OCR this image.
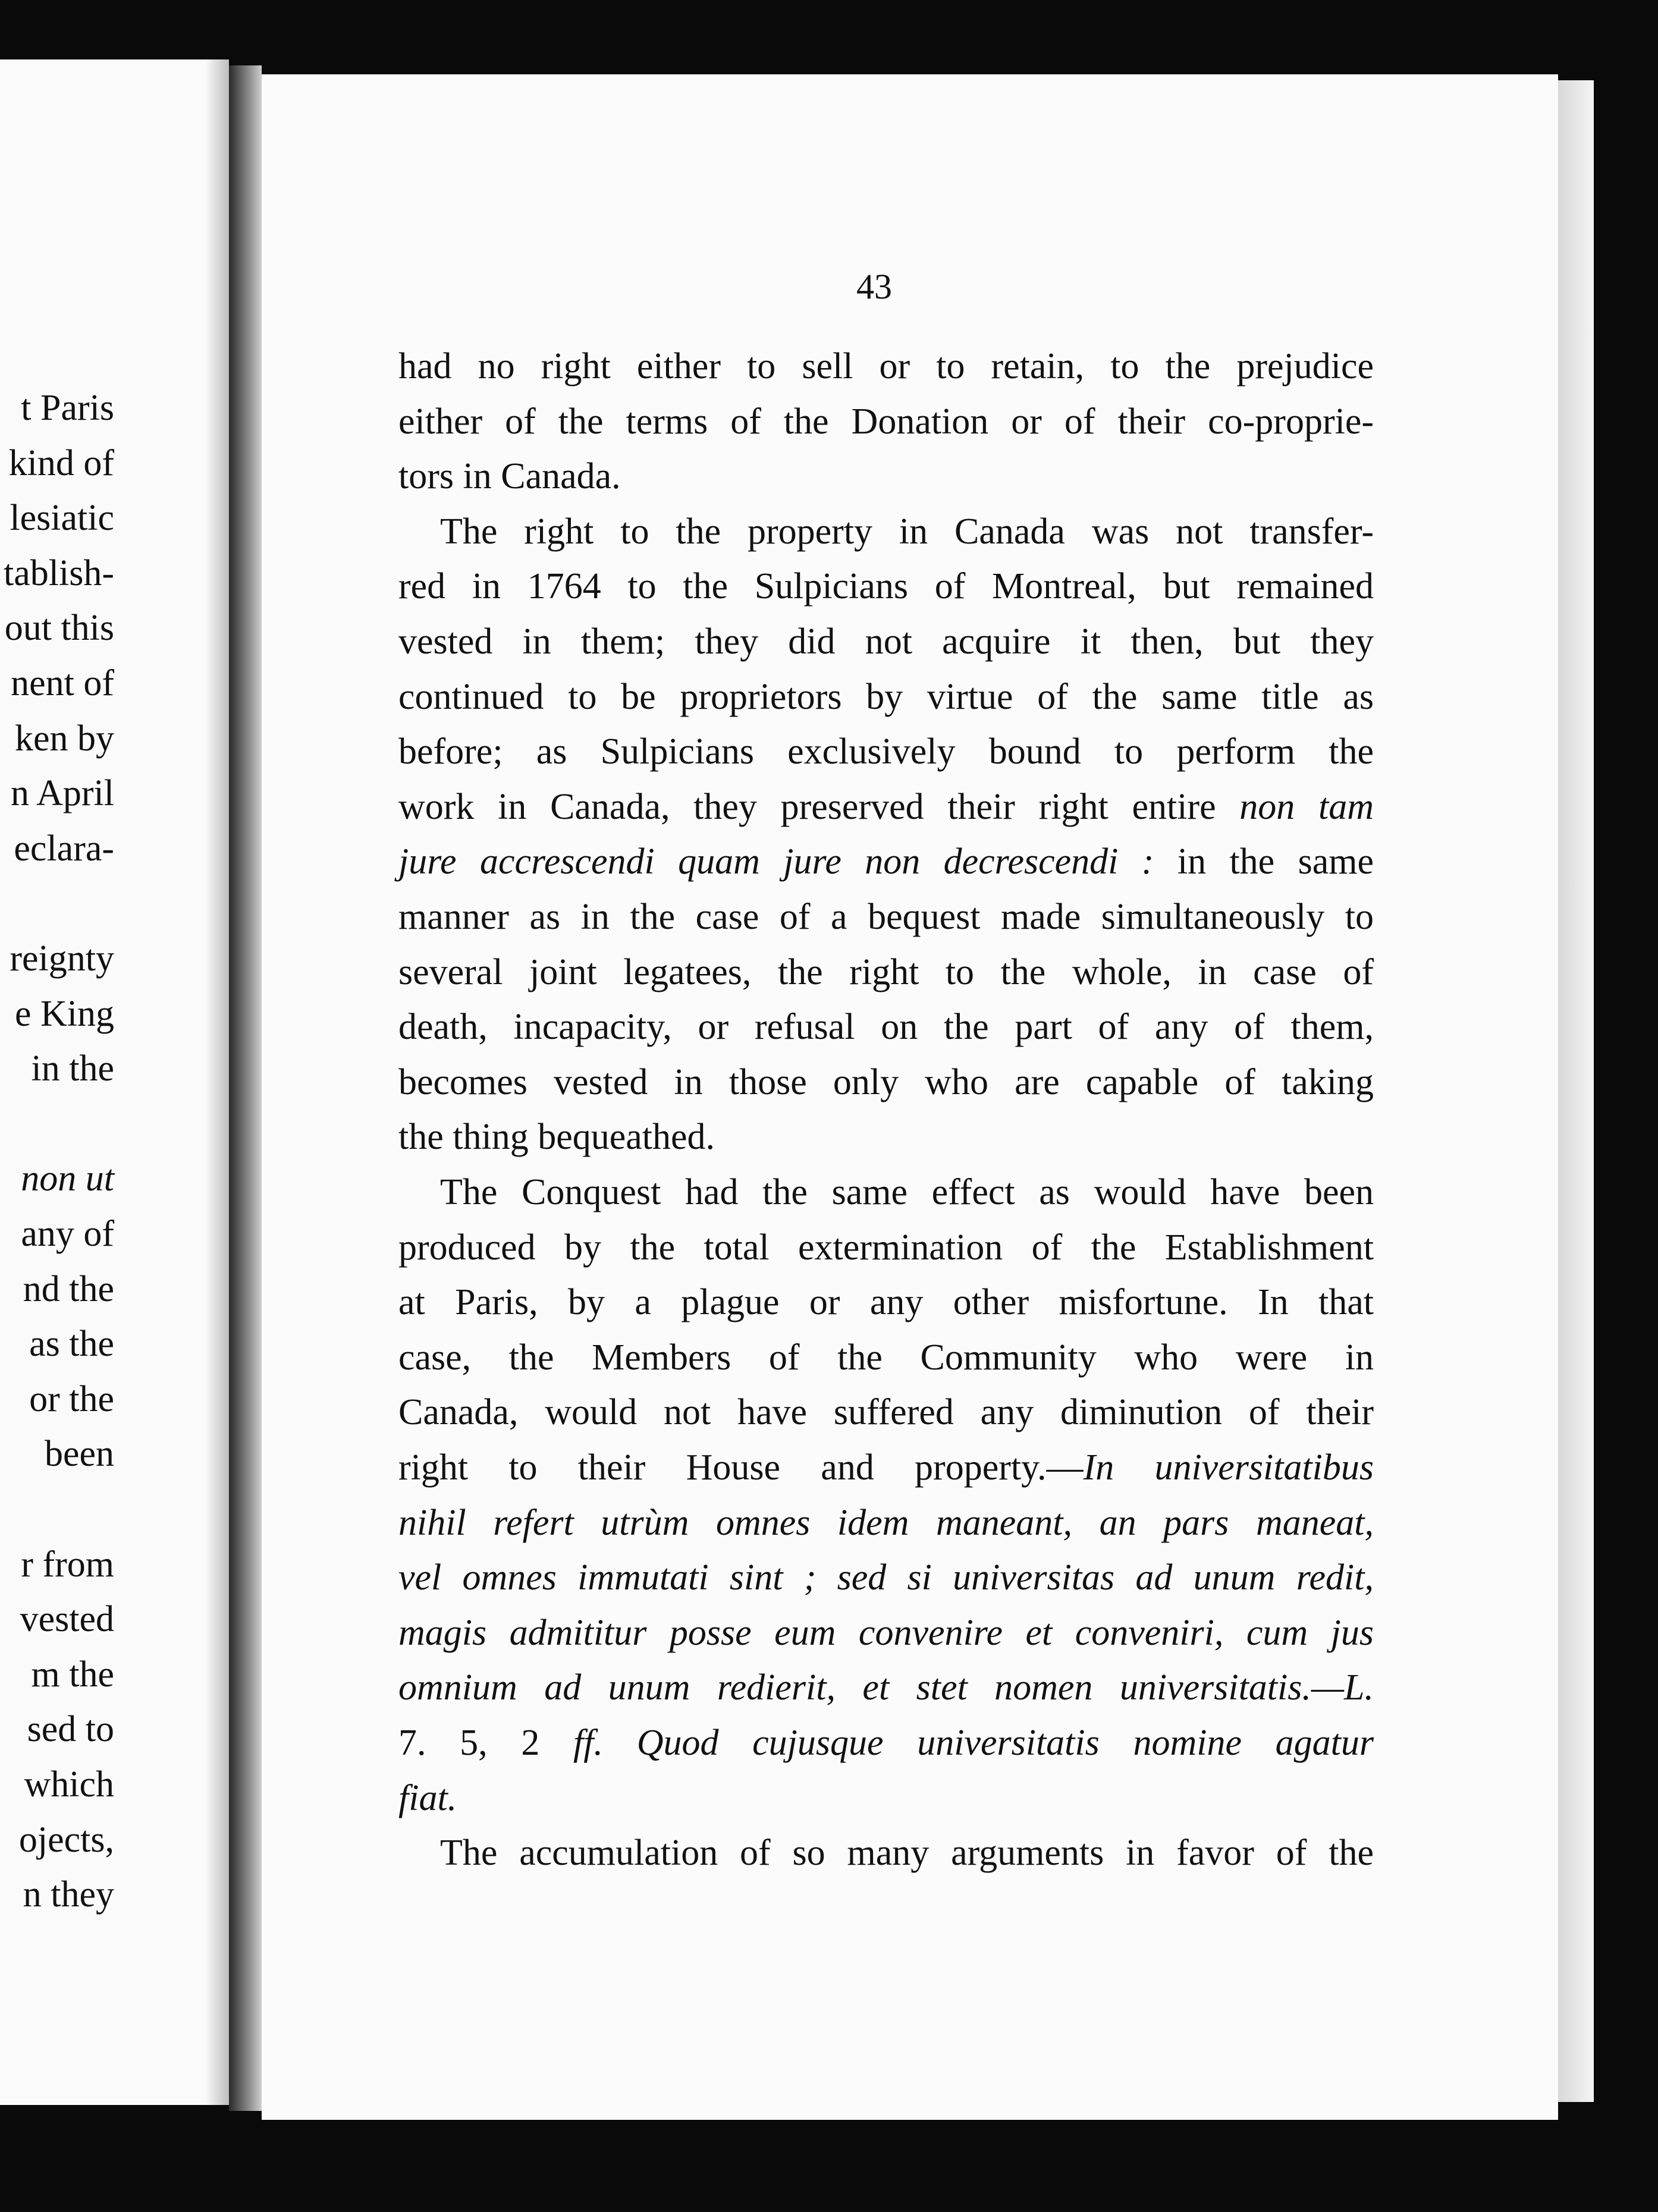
t Paris
kind of
lesiatic
tablish-
out this
nent of
ken by
n April
eclara-
reignty
e King
in the
non ut
any of
nd the
as the
or the
been
r from
vested
m the
sed to
which
ojects,
n they
43
had no right either to sell or to retain, to the prejudice
either of the terms of the Donation or of their co-proprie-
tors in Canada.
The right to the property in Canada was not transfer-
red in 1764 to the Sulpicians of Montreal, but remained
vested in them; they did not acquire it then, but they
continued to be proprietors by virtue of the same title as
before; as Sulpicians exclusively bound to perform the
work in Canada, they preserved their right entire non tam
jure accrescendi quam jure non decrescendi : in the same
manner as in the case of a bequest made simultaneously to
several joint legatees, the right to the whole, in case of
death, incapacity, or refusal on the part of any of them,
becomes vested in those only who are capable of taking
the thing bequeathed.
The Conquest had the same effect as would have been
produced by the total extermination of the Establishment
at Paris, by a plague or any other misfortune. In that
case, the Members of the Community who were in
Canada, would not have suffered any diminution of their
right to their House and property.—In universitatibus
nihil refert utrùm omnes idem maneant, an pars maneat,
vel omnes immutati sint ; sed si universitas ad unum redit,
magis admititur posse eum convenire et conveniri, cum jus
omnium ad unum redierit, et stet nomen universitatis.—L.
7. 5, 2 ff. Quod cujusque universitatis nomine agatur
fiat.
The accumulation of so many arguments in favor of the
